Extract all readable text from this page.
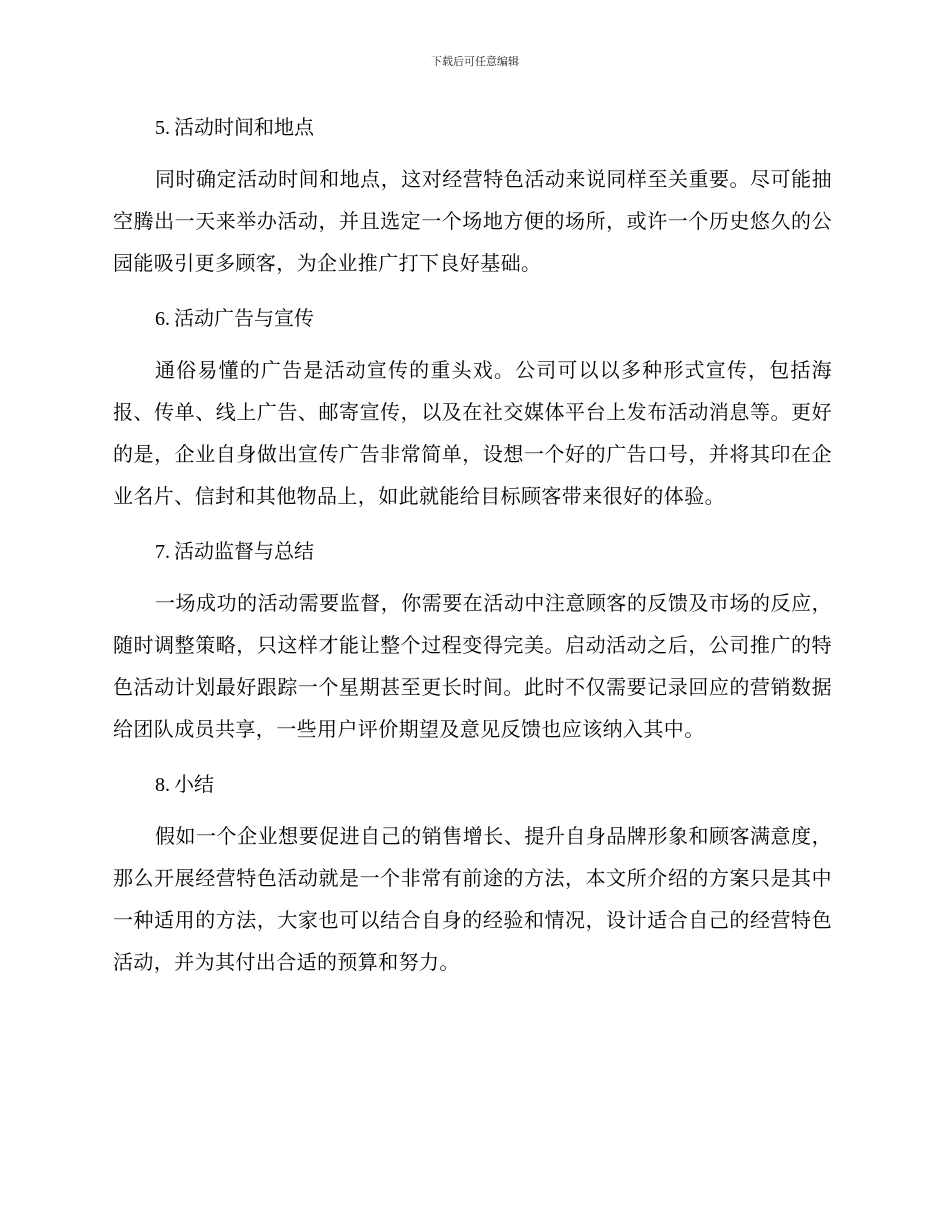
下载后可任意编辑
5. 活动时间和地点

同时确定活动时间和地点，这对经营特色活动来说同样至关重要。尽可能抽空腾出一天来举办活动，并且选定一个场地方便的场所，或许一个历史悠久的公园能吸引更多顾客，为企业推广打下良好基础。

6. 活动广告与宣传

通俗易懂的广告是活动宣传的重头戏。公司可以以多种形式宣传，包括海报、传单、线上广告、邮寄宣传，以及在社交媒体平台上发布活动消息等。更好的是，企业自身做出宣传广告非常简单，设想一个好的广告口号，并将其印在企业名片、信封和其他物品上，如此就能给目标顾客带来很好的体验。

7. 活动监督与总结

一场成功的活动需要监督，你需要在活动中注意顾客的反馈及市场的反应，随时调整策略，只这样才能让整个过程变得完美。启动活动之后，公司推广的特色活动计划最好跟踪一个星期甚至更长时间。此时不仅需要记录回应的营销数据给团队成员共享，一些用户评价期望及意见反馈也应该纳入其中。

8. 小结

假如一个企业想要促进自己的销售增长、提升自身品牌形象和顾客满意度，那么开展经营特色活动就是一个非常有前途的方法，本文所介绍的方案只是其中一种适用的方法，大家也可以结合自身的经验和情况，设计适合自己的经营特色活动，并为其付出合适的预算和努力。
